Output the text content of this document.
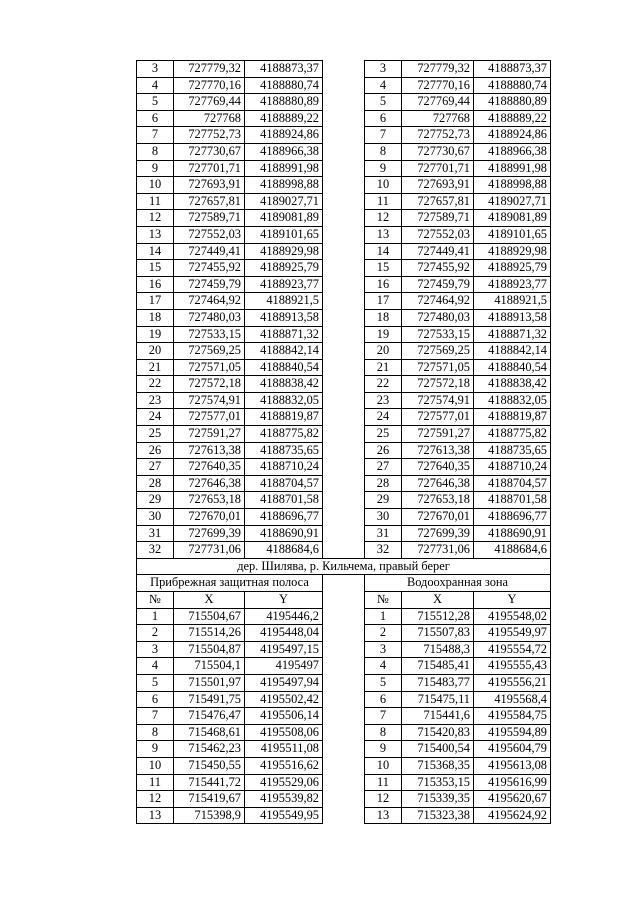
3	727779,32	4188873,37		3	727779,32	4188873,37
4	727770,16	4188880,74		4	727770,16	4188880,74
5	727769,44	4188880,89		5	727769,44	4188880,89
6	727768	4188889,22		6	727768	4188889,22
7	727752,73	4188924,86		7	727752,73	4188924,86
8	727730,67	4188966,38		8	727730,67	4188966,38
9	727701,71	4188991,98		9	727701,71	4188991,98
10	727693,91	4188998,88		10	727693,91	4188998,88
11	727657,81	4189027,71		11	727657,81	4189027,71
12	727589,71	4189081,89		12	727589,71	4189081,89
13	727552,03	4189101,65		13	727552,03	4189101,65
14	727449,41	4188929,98		14	727449,41	4188929,98
15	727455,92	4188925,79		15	727455,92	4188925,79
16	727459,79	4188923,77		16	727459,79	4188923,77
17	727464,92	4188921,5		17	727464,92	4188921,5
18	727480,03	4188913,58		18	727480,03	4188913,58
19	727533,15	4188871,32		19	727533,15	4188871,32
20	727569,25	4188842,14		20	727569,25	4188842,14
21	727571,05	4188840,54		21	727571,05	4188840,54
22	727572,18	4188838,42		22	727572,18	4188838,42
23	727574,91	4188832,05		23	727574,91	4188832,05
24	727577,01	4188819,87		24	727577,01	4188819,87
25	727591,27	4188775,82		25	727591,27	4188775,82
26	727613,38	4188735,65		26	727613,38	4188735,65
27	727640,35	4188710,24		27	727640,35	4188710,24
28	727646,38	4188704,57		28	727646,38	4188704,57
29	727653,18	4188701,58		29	727653,18	4188701,58
30	727670,01	4188696,77		30	727670,01	4188696,77
31	727699,39	4188690,91		31	727699,39	4188690,91
32	727731,06	4188684,6		32	727731,06	4188684,6
дер. Шилява, р. Кильчема, правый берег						
Прибрежная защитная полоса				Водоохранная зона		
№	X	Y		№	X	Y
1	715504,67	4195446,2		1	715512,28	4195548,02
2	715514,26	4195448,04		2	715507,83	4195549,97
3	715504,87	4195497,15		3	715488,3	4195554,72
4	715504,1	4195497		4	715485,41	4195555,43
5	715501,97	4195497,94		5	715483,77	4195556,21
6	715491,75	4195502,42		6	715475,11	4195568,4
7	715476,47	4195506,14		7	715441,6	4195584,75
8	715468,61	4195508,06		8	715420,83	4195594,89
9	715462,23	4195511,08		9	715400,54	4195604,79
10	715450,55	4195516,62		10	715368,35	4195613,08
11	715441,72	4195529,06		11	715353,15	4195616,99
12	715419,67	4195539,82		12	715339,35	4195620,67
13	715398,9	4195549,95		13	715323,38	4195624,92
